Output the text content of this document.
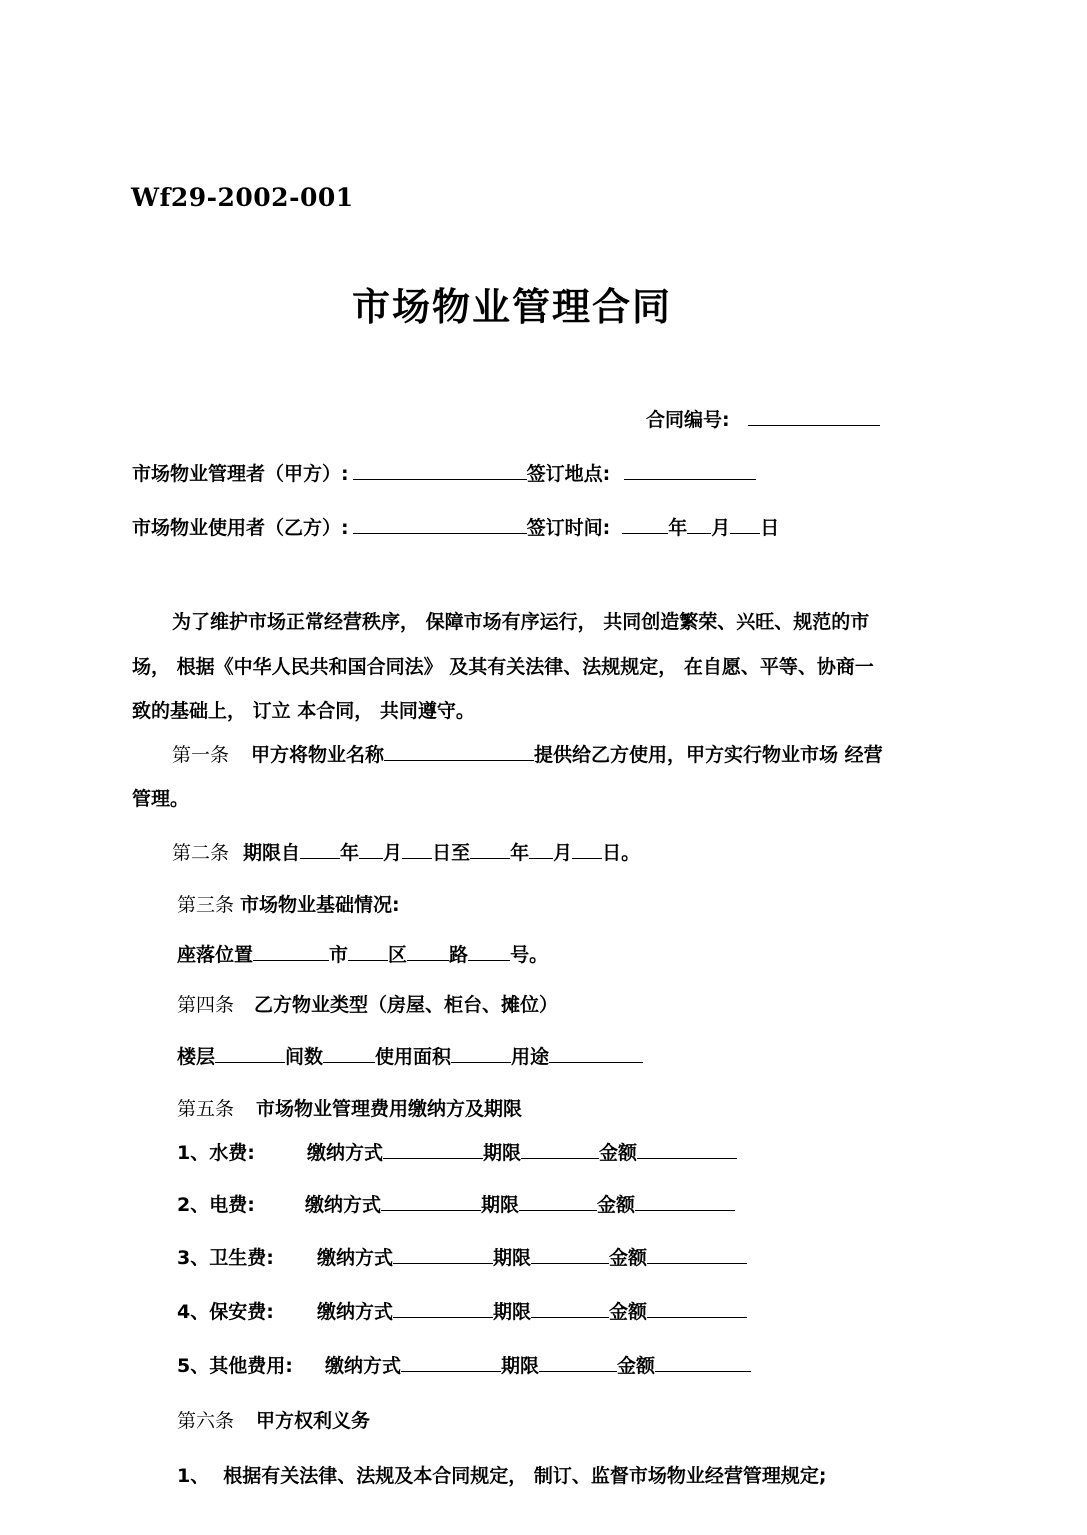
Wf29-2002-001
市场物业管理合同
合同编号:
市场物业管理者（甲方）:	签订地点:
市场物业使用者（乙方）:	签订时间:	年 月 日
为了维护市场正常经营秩序， 保障市场有序运行， 共同创造繁荣、兴旺、规范的市
场， 根据《中华人民共和国合同法》 及其有关法律、法规规定， 在自愿、平等、协商一
致的基础上， 订立 本合同， 共同遵守。
第一条 甲方将物业名称	提供给乙方使用，甲方实行物业市场 经营
管理。
第二条 期限自 年 月 日至 年 月 日。
第三条 市场物业基础情况:
座落位置	市 区 路 号。
第四条 乙方物业类型（房屋、柜台、摊位）
楼层	间数	使用面积	用途
第五条 市场物业管理费用缴纳方及期限
1、水费:	缴纳方式	期限	金额
2、电费:	缴纳方式	期限	金额
3、卫生费: 缴纳方式	期限	金额
4、保安费: 缴纳方式	期限	金额
5、其他费用: 缴纳方式	期限	金额
第六条 甲方权利义务
1、 根据有关法律、法规及本合同规定， 制订、监督市场物业经营管理规定;
